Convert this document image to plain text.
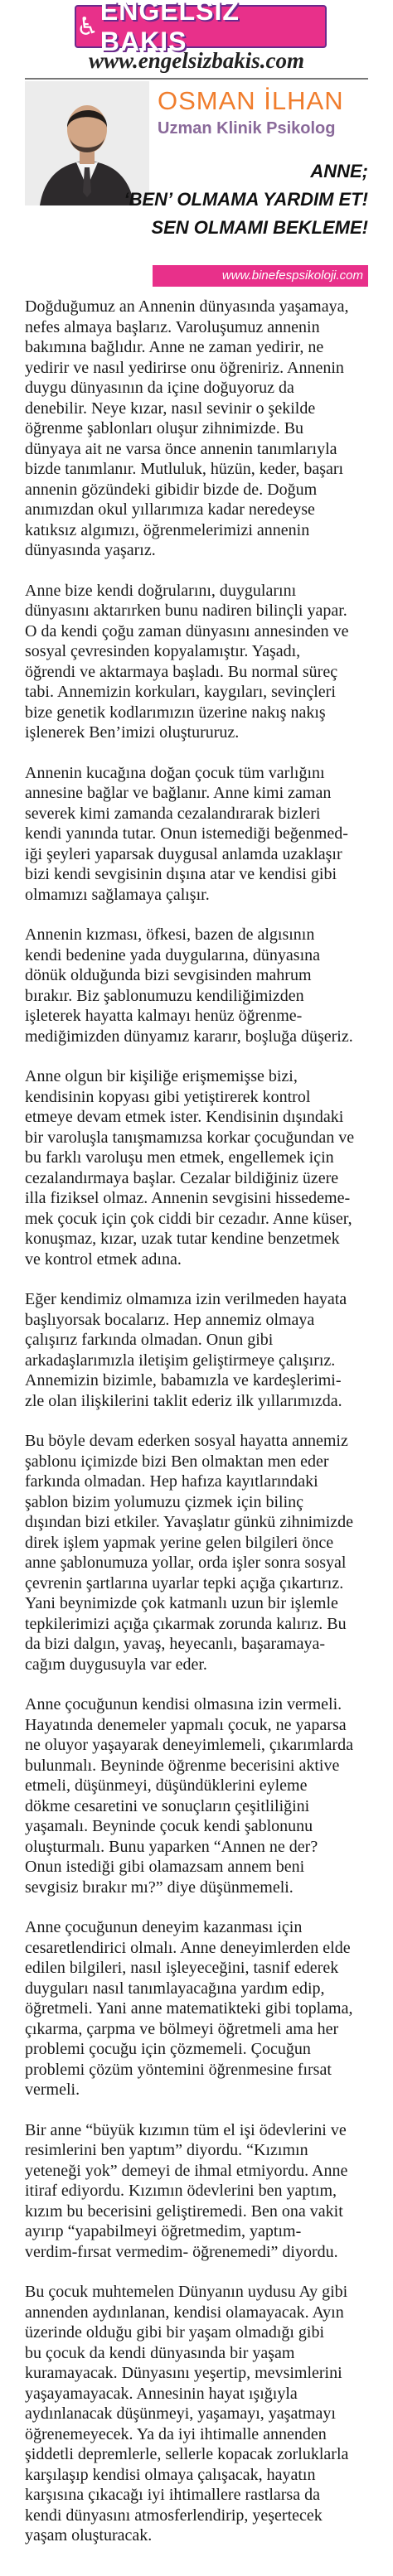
♿
ENGELSIZ BAKIS
www.engelsizbakis.com
OSMAN İLHAN
Uzman Klinik Psikolog
ANNE;
‘BEN’ OLMAMA YARDIM ET!
SEN OLMAMI BEKLEME!
www.binefespsikoloji.com

Doğduğumuz an Annenin dünyasında yaşamaya,
nefes almaya başlarız. Varoluşumuz annenin
bakımına bağlıdır. Anne ne zaman yedirir, ne
yedirir ve nasıl yedirirse onu öğreniriz. Annenin
duygu dünyasının da içine doğuyoruz da
denebilir. Neye kızar, nasıl sevinir o şekilde
öğrenme şablonları oluşur zihnimizde. Bu
dünyaya ait ne varsa önce annenin tanımlarıyla
bizde tanımlanır. Mutluluk, hüzün, keder, başarı
annenin gözündeki gibidir bizde de. Doğum
anımızdan okul yıllarımıza kadar neredeyse
katıksız algımızı, öğrenmelerimizi annenin
dünyasında yaşarız.

Anne bize kendi doğrularını, duygularını
dünyasını aktarırken bunu nadiren bilinçli yapar.
O da kendi çoğu zaman dünyasını annesinden ve
sosyal çevresinden kopyalamıştır. Yaşadı,
öğrendi ve aktarmaya başladı. Bu normal süreç
tabi. Annemizin korkuları, kaygıları, sevinçleri
bize genetik kodlarımızın üzerine nakış nakış
işlenerek Ben’imizi oluştururuz.

Annenin kucağına doğan çocuk tüm varlığını
annesine bağlar ve bağlanır. Anne kimi zaman
severek kimi zamanda cezalandırarak bizleri
kendi yanında tutar. Onun istemediği beğenmed-
iği şeyleri yaparsak duygusal anlamda uzaklaşır
bizi kendi sevgisinin dışına atar ve kendisi gibi
olmamızı sağlamaya çalışır.

Annenin kızması, öfkesi, bazen de algısının
kendi bedenine yada duygularına, dünyasına
dönük olduğunda bizi sevgisinden mahrum
bırakır. Biz şablonumuzu kendiliğimizden
işleterek hayatta kalmayı henüz öğrenme-
mediğimizden dünyamız kararır, boşluğa düşeriz.

Anne olgun bir kişiliğe erişmemişse bizi,
kendisinin kopyası gibi yetiştirerek kontrol
etmeye devam etmek ister. Kendisinin dışındaki
bir varoluşla tanışmamızsa korkar çocuğundan ve
bu farklı varoluşu men etmek, engellemek için
cezalandırmaya başlar. Cezalar bildiğiniz üzere
illa fiziksel olmaz. Annenin sevgisini hissedeme-
mek çocuk için çok ciddi bir cezadır. Anne küser,
konuşmaz, kızar, uzak tutar kendine benzetmek
ve kontrol etmek adına.

Eğer kendimiz olmamıza izin verilmeden hayata
başlıyorsak bocalarız. Hep annemiz olmaya
çalışırız farkında olmadan. Onun gibi
arkadaşlarımızla iletişim geliştirmeye çalışırız.
Annemizin bizimle, babamızla ve kardeşlerimi-
zle olan ilişkilerini taklit ederiz ilk yıllarımızda.

Bu böyle devam ederken sosyal hayatta annemiz
şablonu içimizde bizi Ben olmaktan men eder
farkında olmadan. Hep hafıza kayıtlarındaki
şablon bizim yolumuzu çizmek için bilinç
dışından bizi etkiler. Yavaşlatır günkü zihnimizde
direk işlem yapmak yerine gelen bilgileri önce
anne şablonumuza yollar, orda işler sonra sosyal
çevrenin şartlarına uyarlar tepki açığa çıkartırız.
Yani beynimizde çok katmanlı uzun bir işlemle
tepkilerimizi açığa çıkarmak zorunda kalırız. Bu
da bizi dalgın, yavaş, heyecanlı, başaramaya-
cağım duygusuyla var eder.

Anne çocuğunun kendisi olmasına izin vermeli.
Hayatında denemeler yapmalı çocuk, ne yaparsa
ne oluyor yaşayarak deneyimlemeli, çıkarımlarda
bulunmalı. Beyninde öğrenme becerisini aktive
etmeli, düşünmeyi, düşündüklerini eyleme
dökme cesaretini ve sonuçların çeşitliliğini
yaşamalı. Beyninde çocuk kendi şablonunu
oluşturmalı. Bunu yaparken “Annen ne der?
Onun istediği gibi olamazsam annem beni
sevgisiz bırakır mı?” diye düşünmemeli.

Anne çocuğunun deneyim kazanması için
cesaretlendirici olmalı. Anne deneyimlerden elde
edilen bilgileri, nasıl işleyeceğini, tasnif ederek
duyguları nasıl tanımlayacağına yardım edip,
öğretmeli. Yani anne matematikteki gibi toplama,
çıkarma, çarpma ve bölmeyi öğretmeli ama her
problemi çocuğu için çözmemeli. Çocuğun
problemi çözüm yöntemini öğrenmesine fırsat
vermeli.

Bir anne “büyük kızımın tüm el işi ödevlerini ve
resimlerini ben yaptım” diyordu. “Kızımın
yeteneği yok” demeyi de ihmal etmiyordu. Anne
itiraf ediyordu. Kızımın ödevlerini ben yaptım,
kızım bu becerisini geliştiremedi. Ben ona vakit
ayırıp “yapabilmeyi öğretmedim, yaptım-
verdim-fırsat vermedim- öğrenemedi” diyordu.

Bu çocuk muhtemelen Dünyanın uydusu Ay gibi
annenden aydınlanan, kendisi olamayacak. Ayın
üzerinde olduğu gibi bir yaşam olmadığı gibi
bu çocuk da kendi dünyasında bir yaşam
kuramayacak. Dünyasını yeşertip, mevsimlerini
yaşayamayacak. Annesinin hayat ışığıyla
aydınlanacak düşünmeyi, yaşamayı, yaşatmayı
öğrenemeyecek. Ya da iyi ihtimalle annenden
şiddetli depremlerle, sellerle kopacak zorluklarla
karşılaşıp kendisi olmaya çalışacak, hayatın
karşısına çıkacağı iyi ihtimallere rastlarsa da
kendi dünyasını atmosferlendirip, yeşertecek
yaşam oluşturacak.
